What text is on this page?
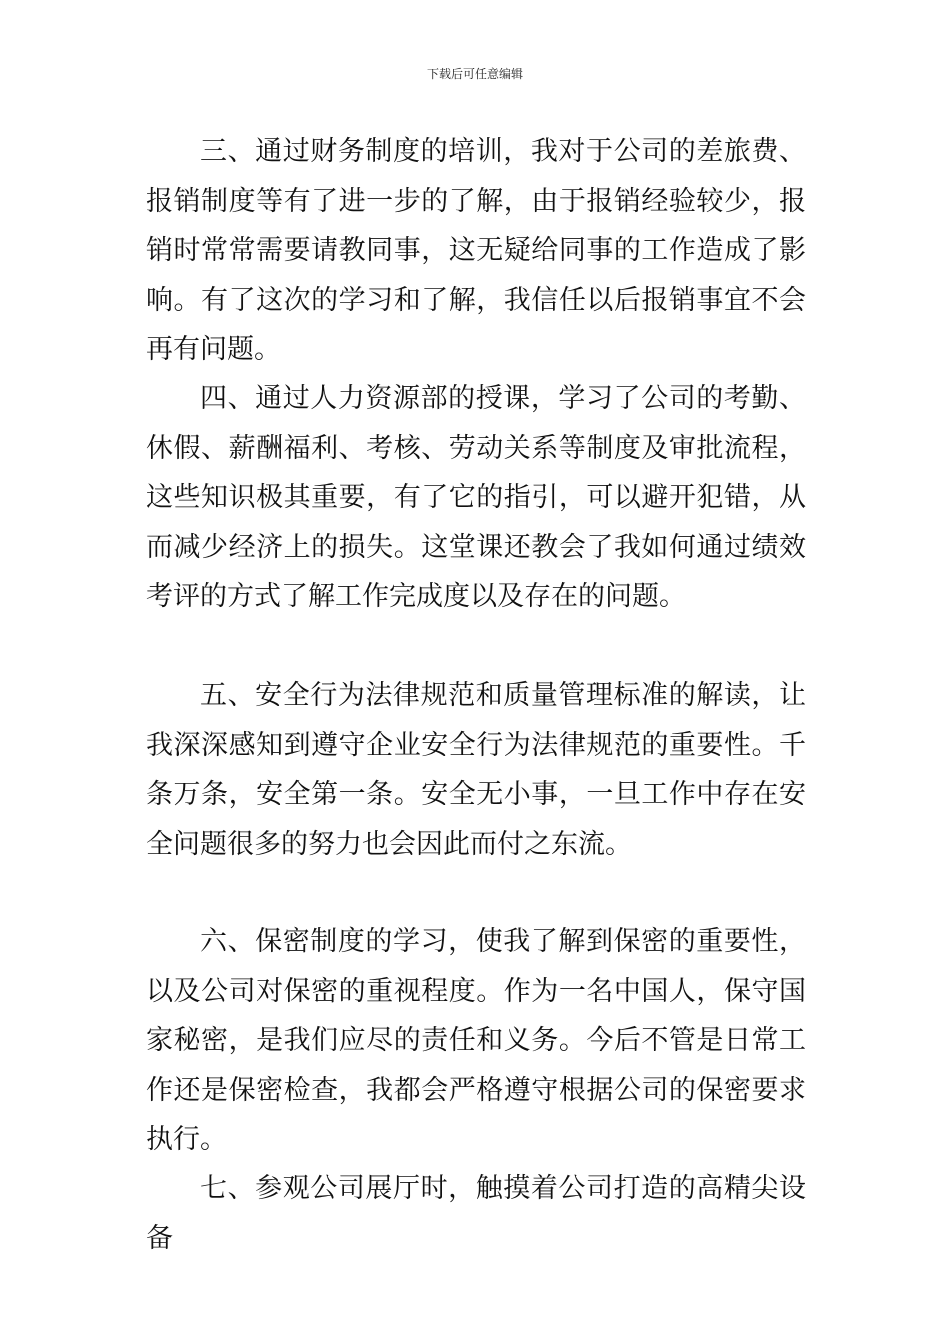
下载后可任意编辑

三、通过财务制度的培训，我对于公司的差旅费、报销制度等有了进一步的了解，由于报销经验较少，报销时常常需要请教同事，这无疑给同事的工作造成了影响。有了这次的学习和了解，我信任以后报销事宜不会再有问题。

四、通过人力资源部的授课，学习了公司的考勤、休假、薪酬福利、考核、劳动关系等制度及审批流程，这些知识极其重要，有了它的指引，可以避开犯错，从而减少经济上的损失。这堂课还教会了我如何通过绩效考评的方式了解工作完成度以及存在的问题。

五、安全行为法律规范和质量管理标准的解读，让我深深感知到遵守企业安全行为法律规范的重要性。千条万条，安全第一条。安全无小事，一旦工作中存在安全问题很多的努力也会因此而付之东流。

六、保密制度的学习，使我了解到保密的重要性，以及公司对保密的重视程度。作为一名中国人，保守国家秘密，是我们应尽的责任和义务。今后不管是日常工作还是保密检查，我都会严格遵守根据公司的保密要求执行。

七、参观公司展厅时，触摸着公司打造的高精尖设备
